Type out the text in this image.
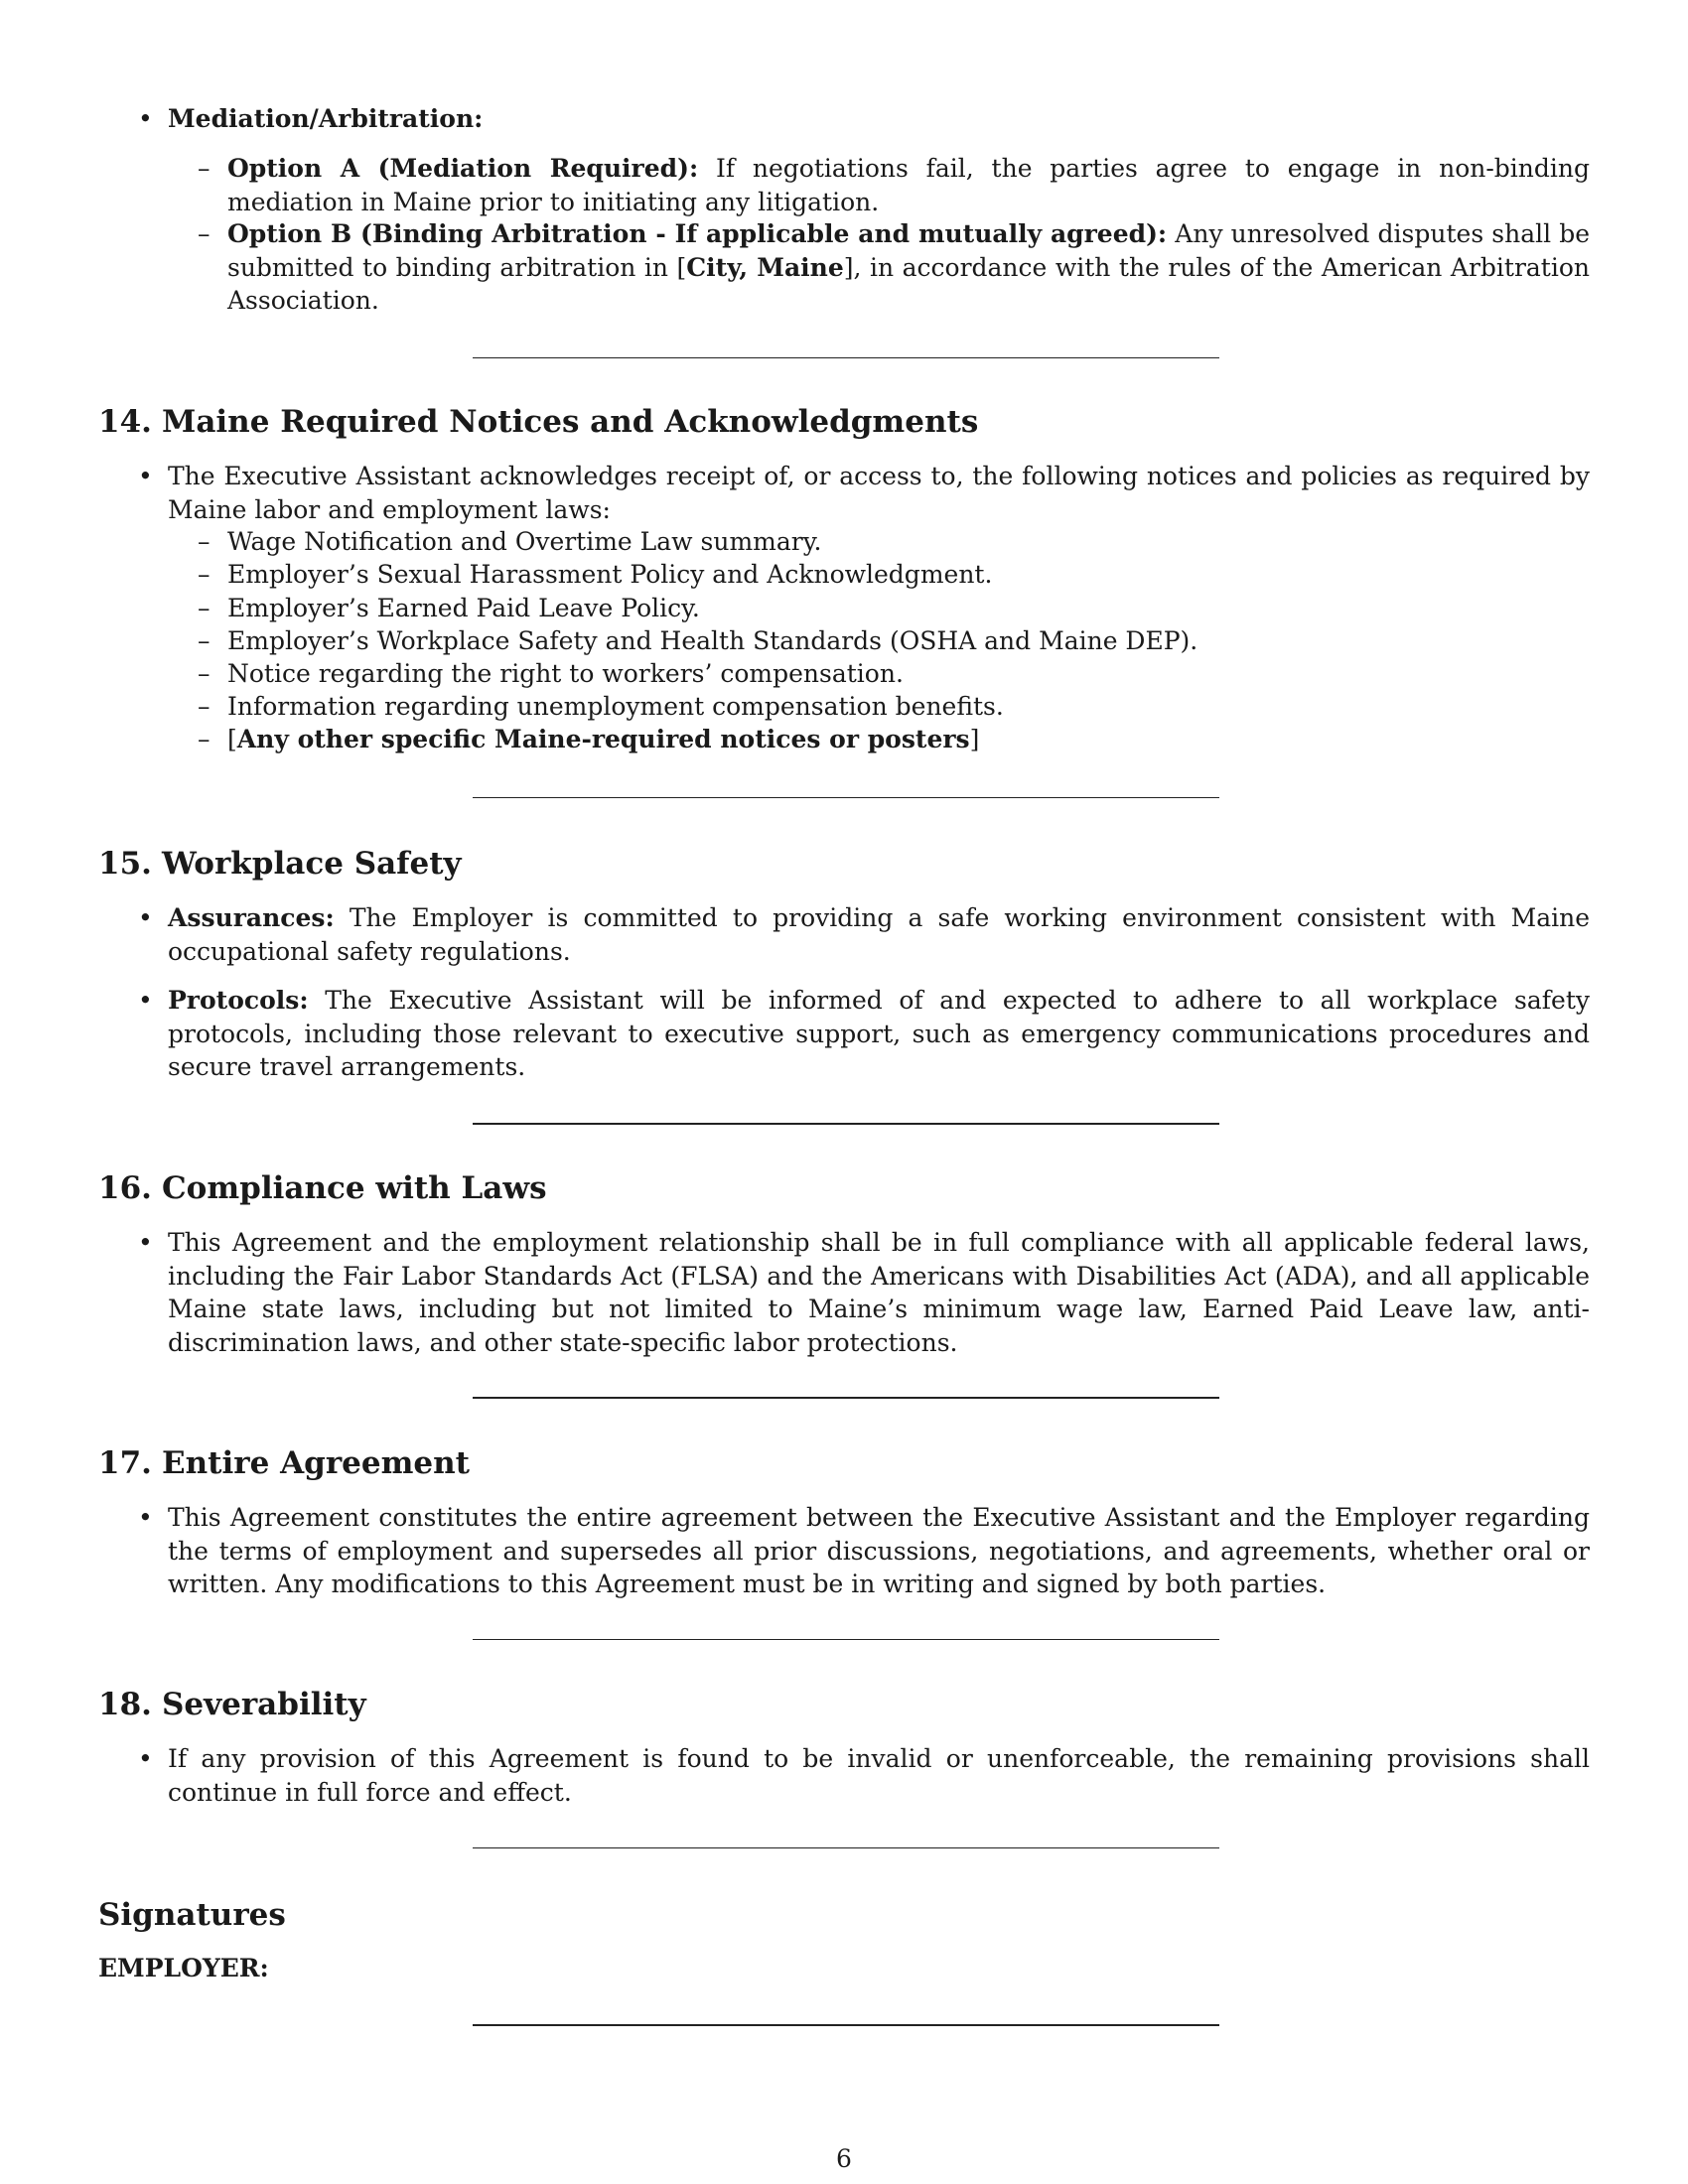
• Mediation/Arbitration:

– Option A (Mediation Required): If negotiations fail, the parties agree to engage in non-binding mediation in Maine prior to initiating any litigation.

– Option B (Binding Arbitration - If applicable and mutually agreed): Any unresolved disputes shall be submitted to binding arbitration in [City, Maine], in accordance with the rules of the American Arbitration Association.

14. Maine Required Notices and Acknowledgments
• The Executive Assistant acknowledges receipt of, or access to, the following notices and policies as required by Maine labor and employment laws:

– Wage Notification and Overtime Law summary.

– Employer’s Sexual Harassment Policy and Acknowledgment.

– Employer’s Earned Paid Leave Policy.

– Employer’s Workplace Safety and Health Standards (OSHA and Maine DEP).

– Notice regarding the right to workers’ compensation.

– Information regarding unemployment compensation benefits.

– [Any other specific Maine-required notices or posters]

15. Workplace Safety
• Assurances: The Employer is committed to providing a safe working environment consistent with Maine occupational safety regulations.

• Protocols: The Executive Assistant will be informed of and expected to adhere to all workplace safety protocols, including those relevant to executive support, such as emergency communications procedures and secure travel arrangements.

16. Compliance with Laws
• This Agreement and the employment relationship shall be in full compliance with all applicable federal laws, including the Fair Labor Standards Act (FLSA) and the Americans with Disabilities Act (ADA), and all applicable Maine state laws, including but not limited to Maine’s minimum wage law, Earned Paid Leave law, anti-discrimination laws, and other state-specific labor protections.

17. Entire Agreement
• This Agreement constitutes the entire agreement between the Executive Assistant and the Employer regarding the terms of employment and supersedes all prior discussions, negotiations, and agreements, whether oral or written. Any modifications to this Agreement must be in writing and signed by both parties.

18. Severability
• If any provision of this Agreement is found to be invalid or unenforceable, the remaining provisions shall continue in full force and effect.

Signatures
EMPLOYER:
6
